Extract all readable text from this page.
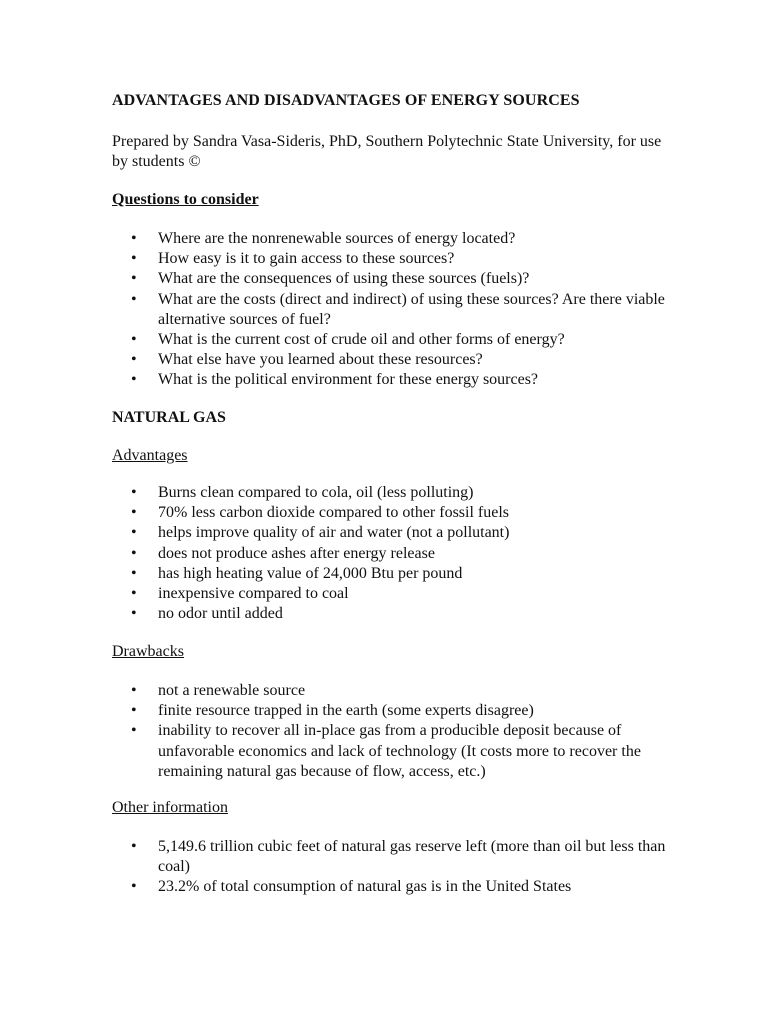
ADVANTAGES AND DISADVANTAGES OF ENERGY SOURCES

Prepared by Sandra Vasa-Sideris, PhD, Southern Polytechnic State University, for use by students ©

Questions to consider

• Where are the nonrenewable sources of energy located?
• How easy is it to gain access to these sources?
• What are the consequences of using these sources (fuels)?
• What are the costs (direct and indirect) of using these sources? Are there viable alternative sources of fuel?
• What is the current cost of crude oil and other forms of energy?
• What else have you learned about these resources?
• What is the political environment for these energy sources?

NATURAL GAS

Advantages

• Burns clean compared to cola, oil (less polluting)
• 70% less carbon dioxide compared to other fossil fuels
• helps improve quality of air and water (not a pollutant)
• does not produce ashes after energy release
• has high heating value of 24,000 Btu per pound
• inexpensive compared to coal
• no odor until added

Drawbacks

• not a renewable source
• finite resource trapped in the earth (some experts disagree)
• inability to recover all in-place gas from a producible deposit because of unfavorable economics and lack of technology (It costs more to recover the remaining natural gas because of flow, access, etc.)

Other information

• 5,149.6 trillion cubic feet of natural gas reserve left (more than oil but less than coal)
• 23.2% of total consumption of natural gas is in the United States
